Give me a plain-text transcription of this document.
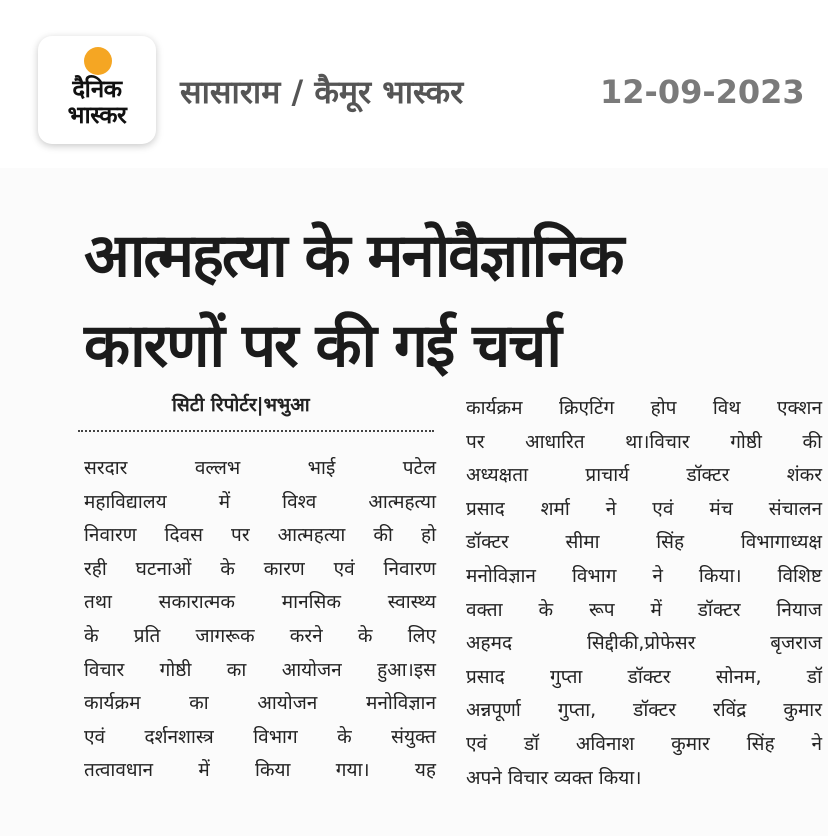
दैनिक
भास्कर
सासाराम / कैमूर भास्कर	12-09-2023
आत्महत्या के मनोवैज्ञानिक
कारणों पर की गई चर्चा
सिटी रिपोर्टर|भभुआ
सरदार वल्लभ भाई पटेल
महाविद्यालय में विश्व आत्महत्या
निवारण दिवस पर आत्महत्या की हो
रही घटनाओं के कारण एवं निवारण
तथा सकारात्मक मानसिक स्वास्थ्य
के प्रति जागरूक करने के लिए
विचार गोष्ठी का आयोजन हुआ।इस
कार्यक्रम का आयोजन मनोविज्ञान
एवं दर्शनशास्त्र विभाग के संयुक्त
तत्वावधान में किया गया। यह
कार्यक्रम क्रिएटिंग होप विथ एक्शन
पर आधारित था।विचार गोष्ठी की
अध्यक्षता प्राचार्य डॉक्टर शंकर
प्रसाद शर्मा ने एवं मंच संचालन
डॉक्टर सीमा सिंह विभागाध्यक्ष
मनोविज्ञान विभाग ने किया। विशिष्ट
वक्ता के रूप में डॉक्टर नियाज
अहमद सिद्दीकी,प्रोफेसर बृजराज
प्रसाद गुप्ता डॉक्टर सोनम, डॉ
अन्नपूर्णा गुप्ता, डॉक्टर रविंद्र कुमार
एवं डॉ अविनाश कुमार सिंह ने
अपने विचार व्यक्त किया।
